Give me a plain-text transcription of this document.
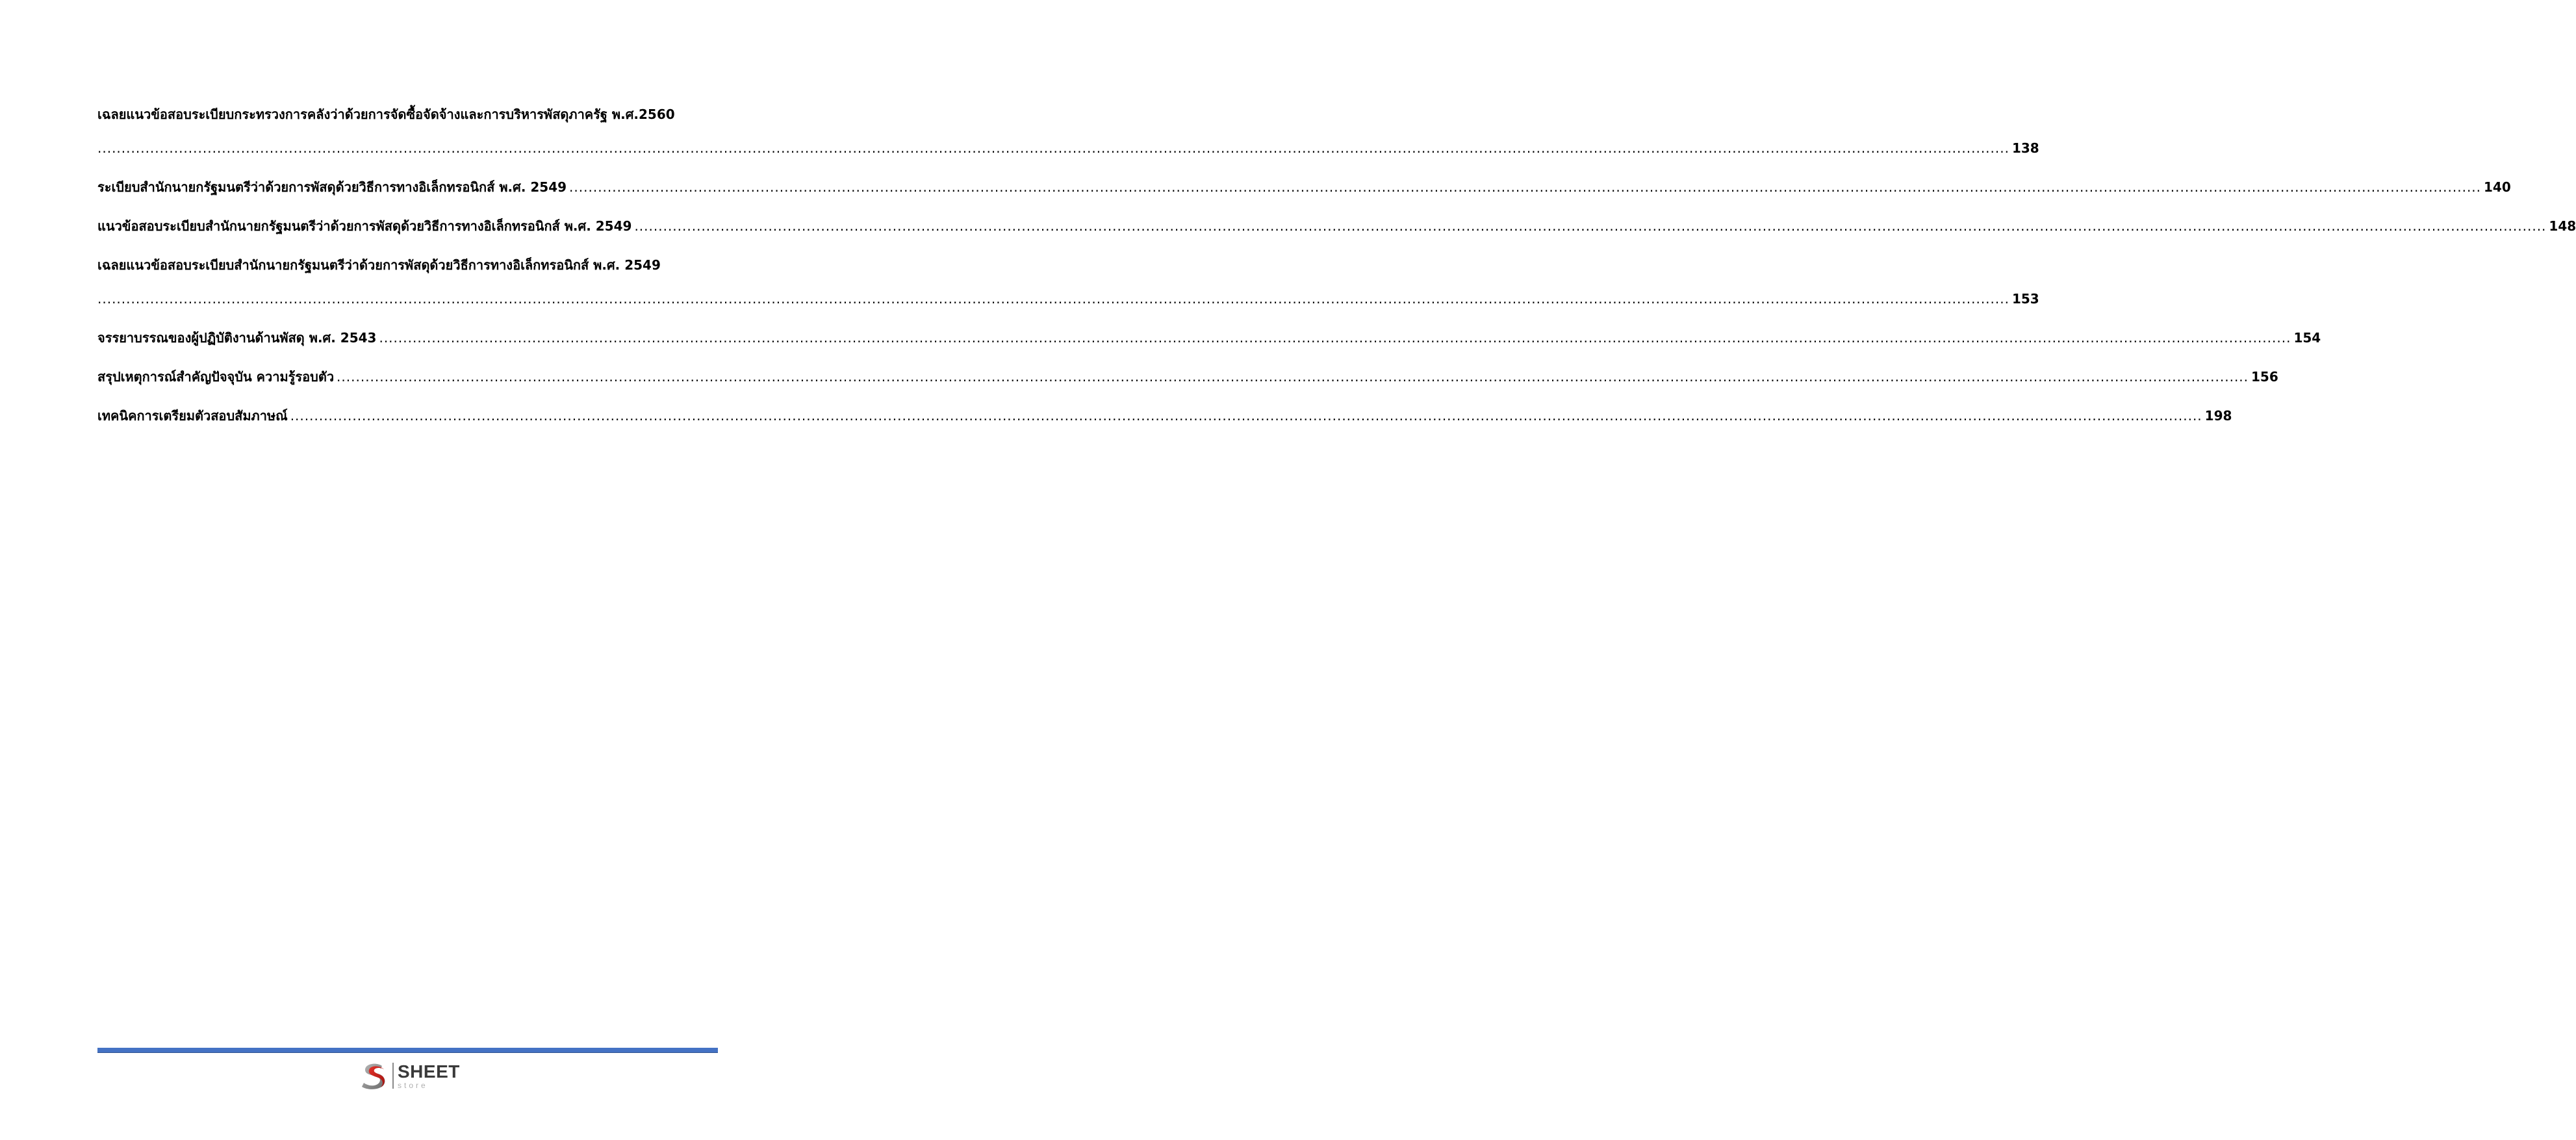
เฉลยแนวข้อสอบระเบียบกระทรวงการคลังว่าด้วยการจัดซื้อจัดจ้างและการบริหารพัสดุภาครัฐ พ.ศ.2560
................................................................................................................................................................................................................................................................................................................................................................................................................ 138
ระเบียบสำนักนายกรัฐมนตรีว่าด้วยการพัสดุด้วยวิธีการทางอิเล็กทรอนิกส์ พ.ศ. 2549 ................................................................................................................................................................................................................................................................................................................................................................................................................ 140
แนวข้อสอบระเบียบสำนักนายกรัฐมนตรีว่าด้วยการพัสดุด้วยวิธีการทางอิเล็กทรอนิกส์ พ.ศ. 2549 ................................................................................................................................................................................................................................................................................................................................................................................................................ 148
เฉลยแนวข้อสอบระเบียบสำนักนายกรัฐมนตรีว่าด้วยการพัสดุด้วยวิธีการทางอิเล็กทรอนิกส์ พ.ศ. 2549
................................................................................................................................................................................................................................................................................................................................................................................................................ 153
จรรยาบรรณของผู้ปฏิบัติงานด้านพัสดุ พ.ศ. 2543 ................................................................................................................................................................................................................................................................................................................................................................................................................ 154
สรุปเหตุการณ์สำคัญปัจจุบัน ความรู้รอบตัว ................................................................................................................................................................................................................................................................................................................................................................................................................ 156
เทคนิคการเตรียมตัวสอบสัมภาษณ์ ................................................................................................................................................................................................................................................................................................................................................................................................................ 198
SHEET
store
